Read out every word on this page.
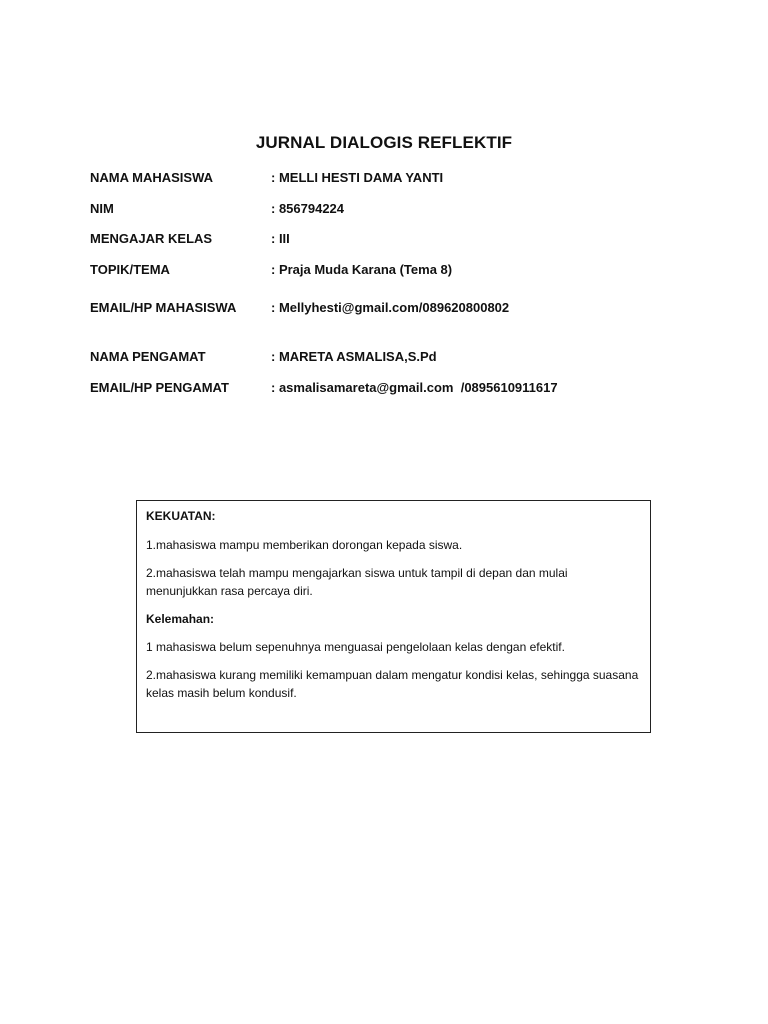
JURNAL DIALOGIS REFLEKTIF
NAMA MAHASISWA	: MELLI HESTI DAMA YANTI
NIM	: 856794224
MENGAJAR KELAS	: III
TOPIK/TEMA	: Praja Muda Karana (Tema 8)
EMAIL/HP MAHASISWA	: Mellyhesti@gmail.com/089620800802
NAMA PENGAMAT	: MARETA ASMALISA,S.Pd
EMAIL/HP PENGAMAT	: asmalisamareta@gmail.com  /0895610911617
KEKUATAN:
1.mahasiswa mampu memberikan dorongan kepada siswa.
2.mahasiswa telah mampu mengajarkan siswa untuk tampil di depan dan mulai menunjukkan rasa percaya diri.
Kelemahan:
1 mahasiswa belum sepenuhnya menguasai pengelolaan kelas dengan efektif.
2.mahasiswa kurang memiliki kemampuan dalam mengatur kondisi kelas, sehingga suasana kelas masih belum kondusif.
